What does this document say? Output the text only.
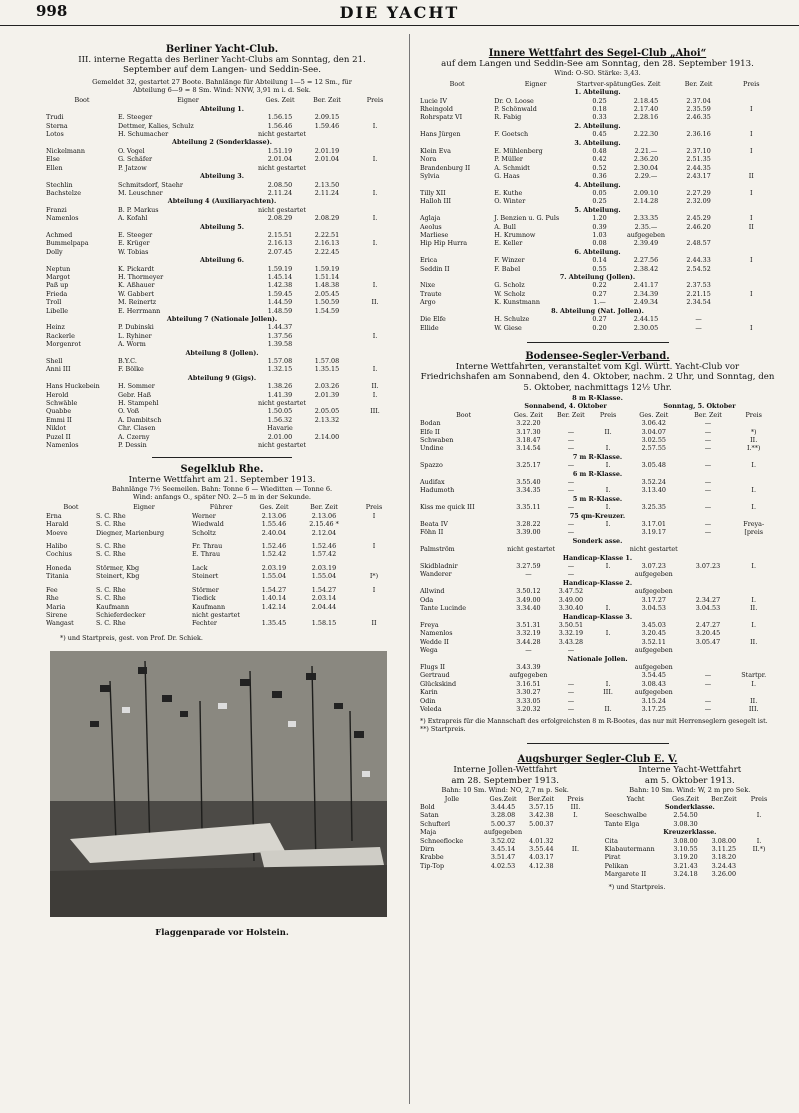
998	DIE YACHT
Berliner Yacht-Club.
III. interne Regatta des Berliner Yacht-Clubs am Sonntag, den 21. September auf dem Langen- und Seddin-See.
Gemeldet 32, gestartet 27 Boote. Bahnlänge für Abteilung 1—5 = 12 Sm., für Abteilung 6—9 = 8 Sm. Wind: NNW, 3,91 m i. d. Sek.
Boot	Eigner	Ges. Zeit	Ber. Zeit	Preis
Abteilung 1.				
Trudi	E. Steeger	1.56.15	2.09.15	
Sterna	Dettmer, Kalies, Schulz	1.56.46	1.59.46	I.
Lotos	H. Schumacher	nicht gestartet		
Abteilung 2 (Sonderklasse).				
Nickelmann	O. Vogel	1.51.19	2.01.19	
Else	G. Schäfer	2.01.04	2.01.04	I.
Ellen	P. Jatzow	nicht gestartet		
Abteilung 3.				
Stechlin	Schmitsdorf, Staehr	2.08.50	2.13.50	
Bachstelze	M. Leuschner	2.11.24	2.11.24	I.
Abteilung 4 (Auxiliaryachten).				
Franzi	B. P. Markus	nicht gestartet		
Namenlos	A. Kofahl	2.08.29	2.08.29	I.
Abteilung 5.				
Achmed	E. Steeger	2.15.51	2.22.51	
Bummelpapa	E. Krüger	2.16.13	2.16.13	I.
Dolly	W. Tobias	2.07.45	2.22.45	
Abteilung 6.				
Neptun	K. Pickardt	1.59.19	1.59.19	
Margot	H. Thormeyer	1.45.14	1.51.14	
Paß up	K. Aßhauer	1.42.38	1.48.38	I.
Frieda	W. Gabbert	1.59.45	2.05.45	
Troll	M. Reinertz	1.44.59	1.50.59	II.
Libelle	E. Herrmann	1.48.59	1.54.59	
Abteilung 7 (Nationale Jollen).				
Heinz	P. Dubinski	1.44.37		
Rackerle	L. Ryhiner	1.37.56		I.
Morgenrot	A. Worm	1.39.58		
Abteilung 8 (Jollen).				
Shell	B.Y.C.	1.57.08	1.57.08	
Anni III	F. Bölke	1.32.15	1.35.15	I.
Abteilung 9 (Gigs).				
Hans Huckebein	H. Sommer	1.38.26	2.03.26	II.
Herold	Gebr. Haß	1.41.39	2.01.39	I.
Schwäble	H. Stampehl	nicht gestartet		
Quabbe	O. Voß	1.50.05	2.05.05	III.
Emmi II	A. Dambitsch	1.56.32	2.13.32	
Niklot	Chr. Clasen	Havarie		
Puzel II	A. Czerny	2.01.00	2.14.00	
Namenlos	P. Dessin	nicht gestartet		
Segelklub Rhe.
Interne Wettfahrt am 21. September 1913.
Bahnlänge 7½ Seemeilen. Bahn: Tonne 6 — Wieditten — Tonne 6.
Wind: anfangs O., später NO. 2—5 m in der Sekunde.
Boot	Eigner	Führer	Ges. Zeit	Ber. Zeit	Preis
Erna	S. C. Rhe	Werner	2.13.06	2.13.06	I
Harald	S. C. Rhe	Wiedwald	1.55.46	2.15.46 *	
Moeve	Diegner, Marienburg	Scholtz	2.40.04	2.12.04	

Halibo	S. C. Rhe	Fr. Thrau	1.52.46	1.52.46	I
Cochius	S. C. Rhe	E. Thrau	1.52.42	1.57.42	

Honeda	Störmer, Kbg	Lack	2.03.19	2.03.19	
Titania	Steinert, Kbg	Steinert	1.55.04	1.55.04	I*)

Fee	S. C. Rhe	Störmer	1.54.27	1.54.27	I
Rhe	S. C. Rhe	Tiedick	1.40.14	2.03.14	
Maria	Kaufmann	Kaufmann	1.42.14	2.04.44	
Sirene	Schieferdecker	nicht gestartet			
Wangast	S. C. Rhe	Fechter	1.35.45	1.58.15	II
*) und Startpreis, gest. von Prof. Dr. Schiek.
Flaggenparade vor Holstein.
Innere Wettfahrt des Segel-Club „Ahoi“
auf dem Langen und Seddin-See am Sonntag, den 28. September 1913.
Wind: O-SO. Stärke: 3,43.
Boot	Eigner	Startver-spätung	Ges. Zeit	Ber. Zeit	Preis
1. Abteilung.					
Lucie IV	Dr. O. Loose	0.25	2.18.45	2.37.04	
Rheingold	P. Schönwald	0.18	2.17.40	2.35.59	I
Rohrspatz VI	R. Fabig	0.33	2.28.16	2.46.35	
2. Abteilung.					
Hans Jürgen	F. Goetsch	0.45	2.22.30	2.36.16	I
3. Abteilung.					
Klein Eva	E. Mühlenberg	0.48	2.21.—	2.37.10	I
Nora	P. Müller	0.42	2.36.20	2.51.35	
Brandenburg II	A. Schmidt	0.52	2.30.04	2.44.35	
Sylvia	G. Haas	0.36	2.29.—	2.43.17	II
4. Abteilung.					
Tilly XII	E. Kuthe	0.05	2.09.10	2.27.29	I
Halloh III	O. Winter	0.25	2.14.28	2.32.09	
5. Abteilung.					
Aglaja	J. Benzien u. G. Puls	1.20	2.33.35	2.45.29	I
Aeolus	A. Bull	0.39	2.35.—	2.46.20	II
Marliese	H. Krumnow	1.03	aufgegeben		
Hip Hip Hurra	E. Keller	0.08	2.39.49	2.48.57	
6. Abteilung.					
Erica	F. Winzer	0.14	2.27.56	2.44.33	I
Seddin II	F. Babel	0.55	2.38.42	2.54.52	
7. Abteilung (Jollen).					
Nixe	G. Scholz	0.22	2.41.17	2.37.53	
Traute	W. Scholz	0.27	2.34.39	2.21.15	I
Argo	K. Kunstmann	1.—	2.49.34	2.34.54	
8. Abteilung (Nat. Jollen).					
Die Elfe	H. Schulze	0.27	2.44.15	—	
Ellide	W. Giese	0.20	2.30.05	—	I
Bodensee-Segler-Verband.
Interne Wettfahrten, veranstaltet vom Kgl. Württ. Yacht-Club vor Friedrichshafen am Sonnabend, den 4. Oktober, nachm. 2 Uhr, und Sonntag, den 5. Oktober, nachmittags 12½ Uhr.
8 m R-Klasse.
	Sonnabend, 4. Oktober			Sonntag, 5. Oktober		
Boot	Ges. Zeit	Ber. Zeit	Preis	Ges. Zeit	Ber. Zeit	Preis
Bodan	3.22.20			3.06.42	—	
Elfe II	3.17.30	—	II.	3.04.07	—	*)
Schwaben	3.18.47	—		3.02.55	—	II.
Undine	3.14.54	—	I.	2.57.55	—	I.**)
7 m R-Klasse.						
Spazzo	3.25.17	—	I.	3.05.48	—	I.
6 m R-Klasse.						
Audifax	3.55.40	—		3.52.24	—	
Hadumoth	3.34.35	—	I.	3.13.40	—	I.
5 m R-Klasse.						
Kiss me quick III	3.35.11	—	I.	3.25.35	—	I.
75 qm-Kreuzer.						
Beata IV	3.28.22	—	I.	3.17.01	—	Freya-
Föhn II	3.39.00	—		3.19.17	—	[preis
Sonderk asse.						
Palmström	nicht gestartet			nicht gestartet		
Handicap-Klasse 1.						
Skidbladnir	3.27.59	—	I.	3.07.23	3.07.23	I.
Wanderer	—	—		aufgegeben		
Handicap-Klasse 2.						
Allwind	3.50.12	3.47.52		aufgegeben		
Oda	3.49.00	3.49.00		3.17.27	2.34.27	I.
Tante Lucinde	3.34.40	3.30.40	I.	3.04.53	3.04.53	II.
Handicap-Klasse 3.						
Freya	3.51.31	3.50.51		3.45.03	2.47.27	I.
Namenlos	3.32.19	3.32.19	I.	3.20.45	3.20.45	
Wedde II	3.44.28	3.43.28		3.52.11	3.05.47	II.
Wega	—	—		aufgegeben		
Nationale Jollen.						
Flugs II	3.43.39			aufgegeben		
Gertraud	aufgegeben			3.54.45	—	Startpr.
Glückskind	3.16.51	—	I.	3.08.43	—	I.
Karin	3.30.27	—	III.	aufgegeben		
Odin	3.33.05	—		3.15.24	—	II.
Veleda	3.20.32	—	II.	3.17.25	—	III.
*) Extrapreis für die Mannschaft des erfolgreichsten 8 m R-Bootes, das nur mit Herrenseglern gesegelt ist. **) Startpreis.
Augsburger Segler-Club E. V.
Interne Jollen-Wettfahrt
am 28. September 1913.
Bahn: 10 Sm. Wind: NO, 2,7 m p. Sek.
Jolle	Ges.Zeit	Ber.Zeit	Preis
Bold	3.44.45	3.57.15	III.
Satan	3.28.08	3.42.38	I.
Schufterl	5.00.37	5.00.37	
Maja	aufgegeben		
Schneeflocke	3.52.02	4.01.32	
Dirn	3.45.14	3.55.44	II.
Krabbe	3.51.47	4.03.17	
Tip-Top	4.02.53	4.12.38	
Interne Yacht-Wettfahrt
am 5. Oktober 1913.
Bahn: 10 Sm. Wind: W, 2 m pro Sek.
Yacht	Ges.Zeit	Ber.Zeit	Preis
Sonderklasse.			
Seeschwalbe	2.54.50		I.
Tante Elga	3.08.30		
Kreuzerklasse.			
Cita	3.08.00	3.08.00	I.
Klabautermann	3.10.55	3.11.25	II.*)
Pirat	3.19.20	3.18.20	
Pelikan	3.21.43	3.24.43	
Margarete II	3.24.18	3.26.00	
*) und Startpreis.
